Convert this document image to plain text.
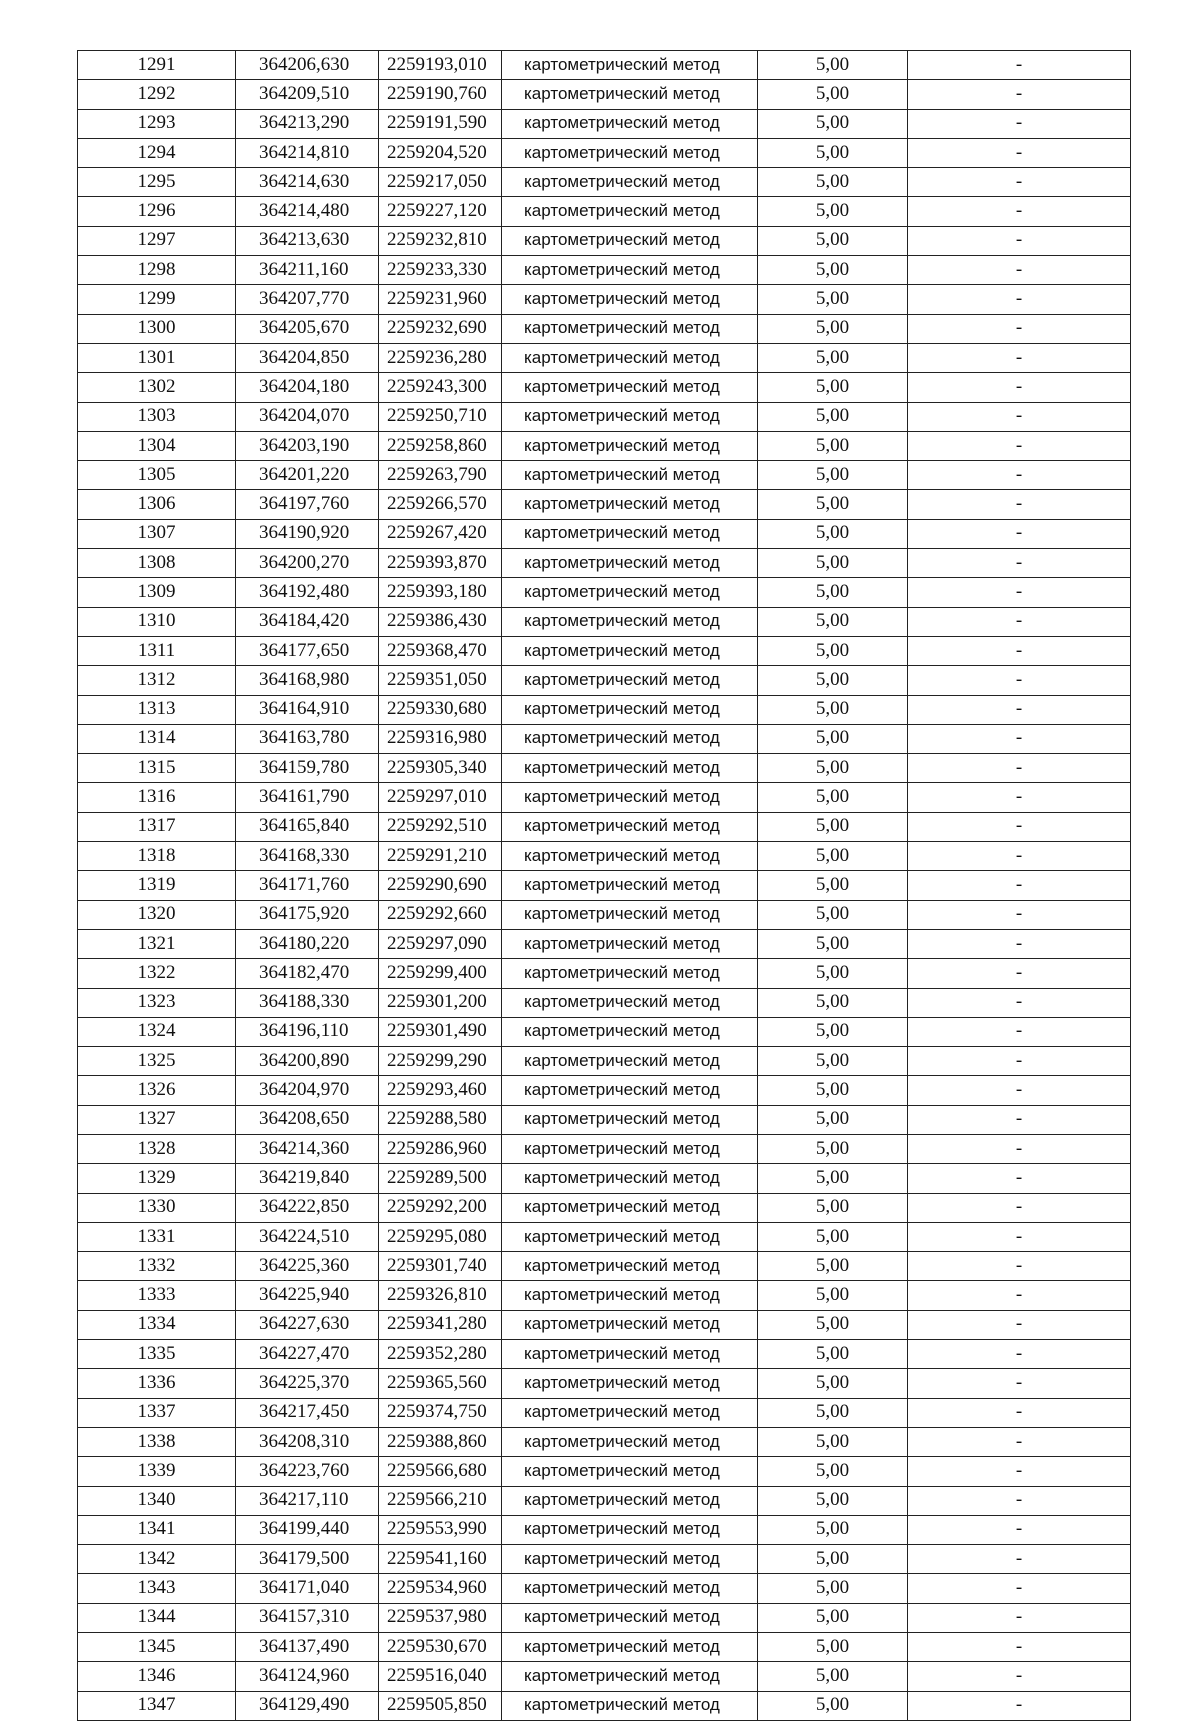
1291	364206,630	2259193,010	картометрический метод	5,00	-
1292	364209,510	2259190,760	картометрический метод	5,00	-
1293	364213,290	2259191,590	картометрический метод	5,00	-
1294	364214,810	2259204,520	картометрический метод	5,00	-
1295	364214,630	2259217,050	картометрический метод	5,00	-
1296	364214,480	2259227,120	картометрический метод	5,00	-
1297	364213,630	2259232,810	картометрический метод	5,00	-
1298	364211,160	2259233,330	картометрический метод	5,00	-
1299	364207,770	2259231,960	картометрический метод	5,00	-
1300	364205,670	2259232,690	картометрический метод	5,00	-
1301	364204,850	2259236,280	картометрический метод	5,00	-
1302	364204,180	2259243,300	картометрический метод	5,00	-
1303	364204,070	2259250,710	картометрический метод	5,00	-
1304	364203,190	2259258,860	картометрический метод	5,00	-
1305	364201,220	2259263,790	картометрический метод	5,00	-
1306	364197,760	2259266,570	картометрический метод	5,00	-
1307	364190,920	2259267,420	картометрический метод	5,00	-
1308	364200,270	2259393,870	картометрический метод	5,00	-
1309	364192,480	2259393,180	картометрический метод	5,00	-
1310	364184,420	2259386,430	картометрический метод	5,00	-
1311	364177,650	2259368,470	картометрический метод	5,00	-
1312	364168,980	2259351,050	картометрический метод	5,00	-
1313	364164,910	2259330,680	картометрический метод	5,00	-
1314	364163,780	2259316,980	картометрический метод	5,00	-
1315	364159,780	2259305,340	картометрический метод	5,00	-
1316	364161,790	2259297,010	картометрический метод	5,00	-
1317	364165,840	2259292,510	картометрический метод	5,00	-
1318	364168,330	2259291,210	картометрический метод	5,00	-
1319	364171,760	2259290,690	картометрический метод	5,00	-
1320	364175,920	2259292,660	картометрический метод	5,00	-
1321	364180,220	2259297,090	картометрический метод	5,00	-
1322	364182,470	2259299,400	картометрический метод	5,00	-
1323	364188,330	2259301,200	картометрический метод	5,00	-
1324	364196,110	2259301,490	картометрический метод	5,00	-
1325	364200,890	2259299,290	картометрический метод	5,00	-
1326	364204,970	2259293,460	картометрический метод	5,00	-
1327	364208,650	2259288,580	картометрический метод	5,00	-
1328	364214,360	2259286,960	картометрический метод	5,00	-
1329	364219,840	2259289,500	картометрический метод	5,00	-
1330	364222,850	2259292,200	картометрический метод	5,00	-
1331	364224,510	2259295,080	картометрический метод	5,00	-
1332	364225,360	2259301,740	картометрический метод	5,00	-
1333	364225,940	2259326,810	картометрический метод	5,00	-
1334	364227,630	2259341,280	картометрический метод	5,00	-
1335	364227,470	2259352,280	картометрический метод	5,00	-
1336	364225,370	2259365,560	картометрический метод	5,00	-
1337	364217,450	2259374,750	картометрический метод	5,00	-
1338	364208,310	2259388,860	картометрический метод	5,00	-
1339	364223,760	2259566,680	картометрический метод	5,00	-
1340	364217,110	2259566,210	картометрический метод	5,00	-
1341	364199,440	2259553,990	картометрический метод	5,00	-
1342	364179,500	2259541,160	картометрический метод	5,00	-
1343	364171,040	2259534,960	картометрический метод	5,00	-
1344	364157,310	2259537,980	картометрический метод	5,00	-
1345	364137,490	2259530,670	картометрический метод	5,00	-
1346	364124,960	2259516,040	картометрический метод	5,00	-
1347	364129,490	2259505,850	картометрический метод	5,00	-
